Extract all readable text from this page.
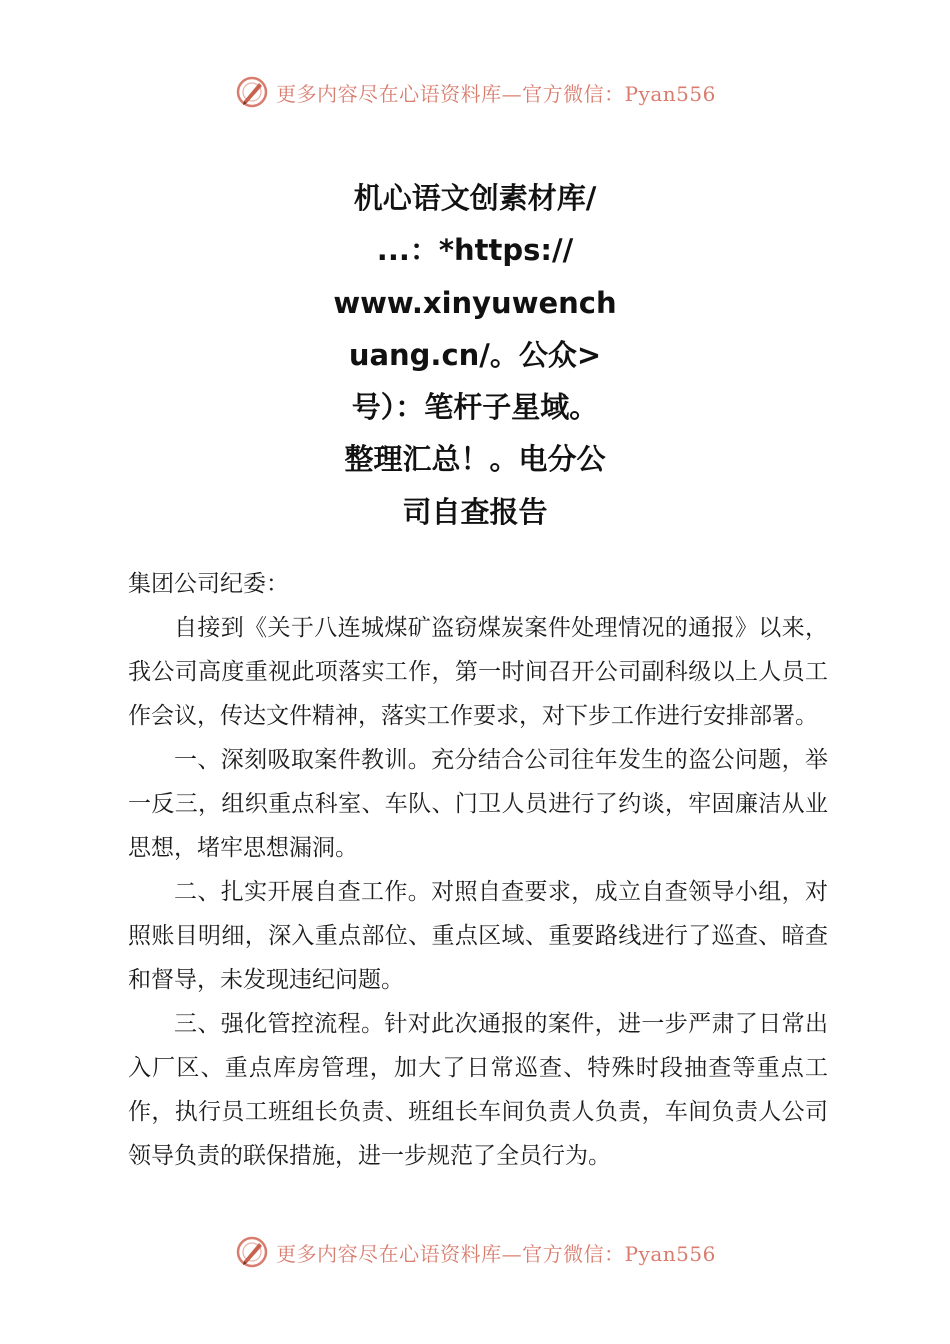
更多内容尽在心语资料库—官方微信：Pyan556
机心语文创素材库/
...：*https://
www.xinyuwench
uang.cn/。公众>
号）：笔杆子星域。
整理汇总！。电分公
司自查报告
集团公司纪委：

自接到《关于八连城煤矿盗窃煤炭案件处理情况的通报》以来，我公司高度重视此项落实工作，第一时间召开公司副科级以上人员工作会议，传达文件精神，落实工作要求，对下步工作进行安排部署。

一、深刻吸取案件教训。充分结合公司往年发生的盗公问题，举一反三，组织重点科室、车队、门卫人员进行了约谈，牢固廉洁从业思想，堵牢思想漏洞。

二、扎实开展自查工作。对照自查要求，成立自查领导小组，对照账目明细，深入重点部位、重点区域、重要路线进行了巡查、暗查和督导，未发现违纪问题。

三、强化管控流程。针对此次通报的案件，进一步严肃了日常出入厂区、重点库房管理，加大了日常巡查、特殊时段抽查等重点工作，执行员工班组长负责、班组长车间负责人负责，车间负责人公司领导负责的联保措施，进一步规范了全员行为。

更多内容尽在心语资料库—官方微信：Pyan556
